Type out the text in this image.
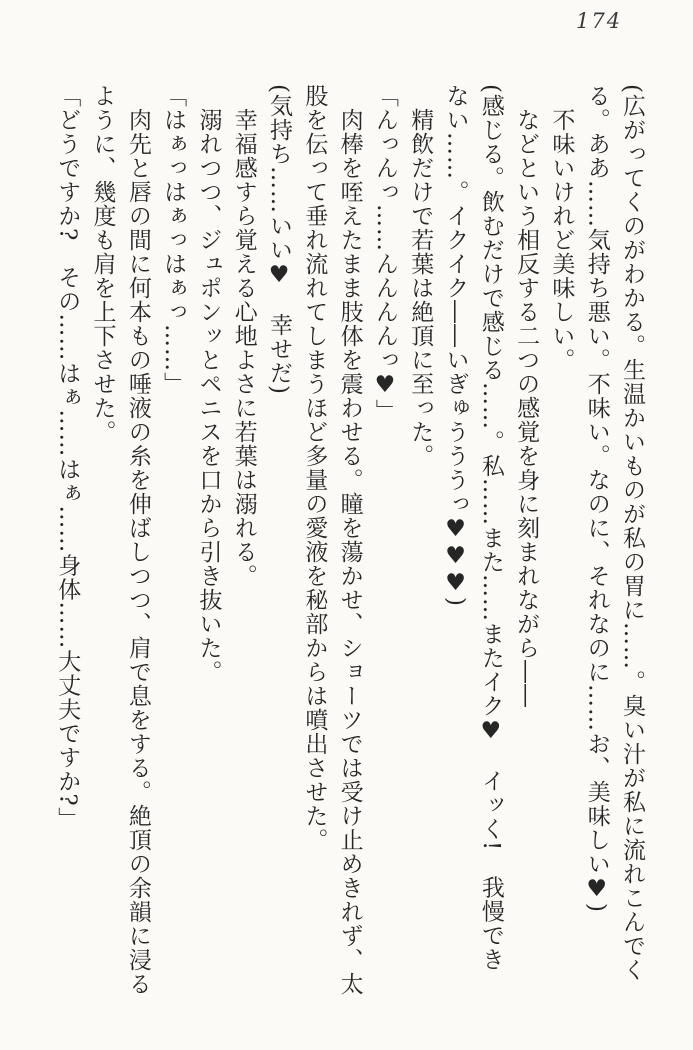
174

(広がってくのがわかる。生温かいものが私の胃に……。臭い汁が私に流れこんでく

る。ああ……気持ち悪い。不味い。なのに、それなのに……お、美味しい♥)

　不味いけれど美味しい。

　などという相反する二つの感覚を身に刻まれながら――

(感じる。飲むだけで感じる……。私……また……またイク♥　イッく!　我慢でき

ない……。イクイク――いぎゅうううっ♥♥♥)

　精飲だけで若葉は絶頂に至った。

「んっんっ……んんんんっ♥」

　肉棒を咥えたまま肢体を震わせる。瞳を蕩かせ、ショーツでは受け止めきれず、太

股を伝って垂れ流れてしまうほど多量の愛液を秘部からは噴出させた。

(気持ち……いい♥　幸せだ)

　幸福感すら覚える心地よさに若葉は溺れる。

　溺れつつ、ジュポンッとペニスを口から引き抜いた。

「はぁっはぁっはぁっ……」

　肉先と唇の間に何本もの唾液の糸を伸ばしつつ、肩で息をする。絶頂の余韻に浸る

ように、幾度も肩を上下させた。

「どうですか?　その……はぁ……はぁ……身体……大丈夫ですか?」
